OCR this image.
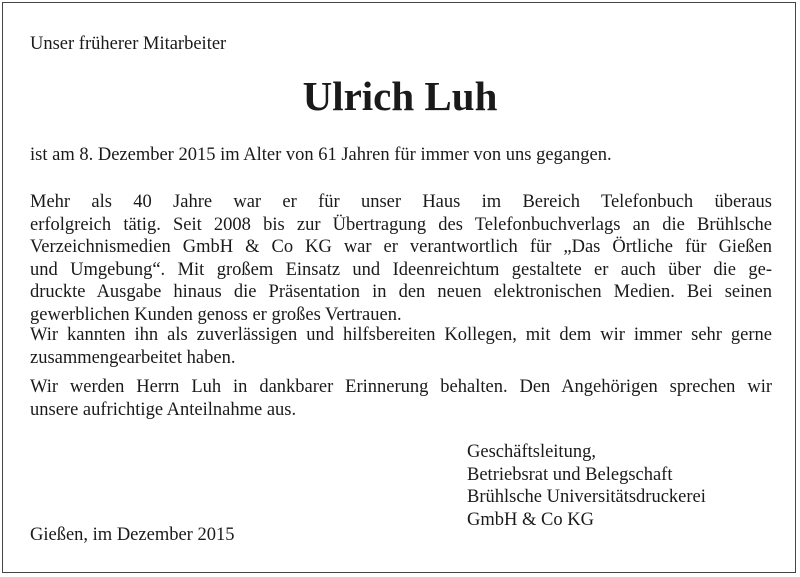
Unser früherer Mitarbeiter
Ulrich Luh
ist am 8. Dezember 2015 im Alter von 61 Jahren für immer von uns gegangen.
Mehr als 40 Jahre war er für unser Haus im Bereich Telefonbuch überaus
erfolgreich tätig. Seit 2008 bis zur Übertragung des Telefonbuchverlags an die Brühlsche
Verzeichnismedien GmbH & Co KG war er verantwortlich für „Das Örtliche für Gießen
und Umgebung“. Mit großem Einsatz und Ideenreichtum gestaltete er auch über die ge-
druckte Ausgabe hinaus die Präsentation in den neuen elektronischen Medien. Bei seinen
gewerblichen Kunden genoss er großes Vertrauen.
Wir kannten ihn als zuverlässigen und hilfsbereiten Kollegen, mit dem wir immer sehr gerne
zusammengearbeitet haben.
Wir werden Herrn Luh in dankbarer Erinnerung behalten. Den Angehörigen sprechen wir
unsere aufrichtige Anteilnahme aus.
Geschäftsleitung,
Betriebsrat und Belegschaft
Brühlsche Universitätsdruckerei
GmbH & Co KG
Gießen, im Dezember 2015
